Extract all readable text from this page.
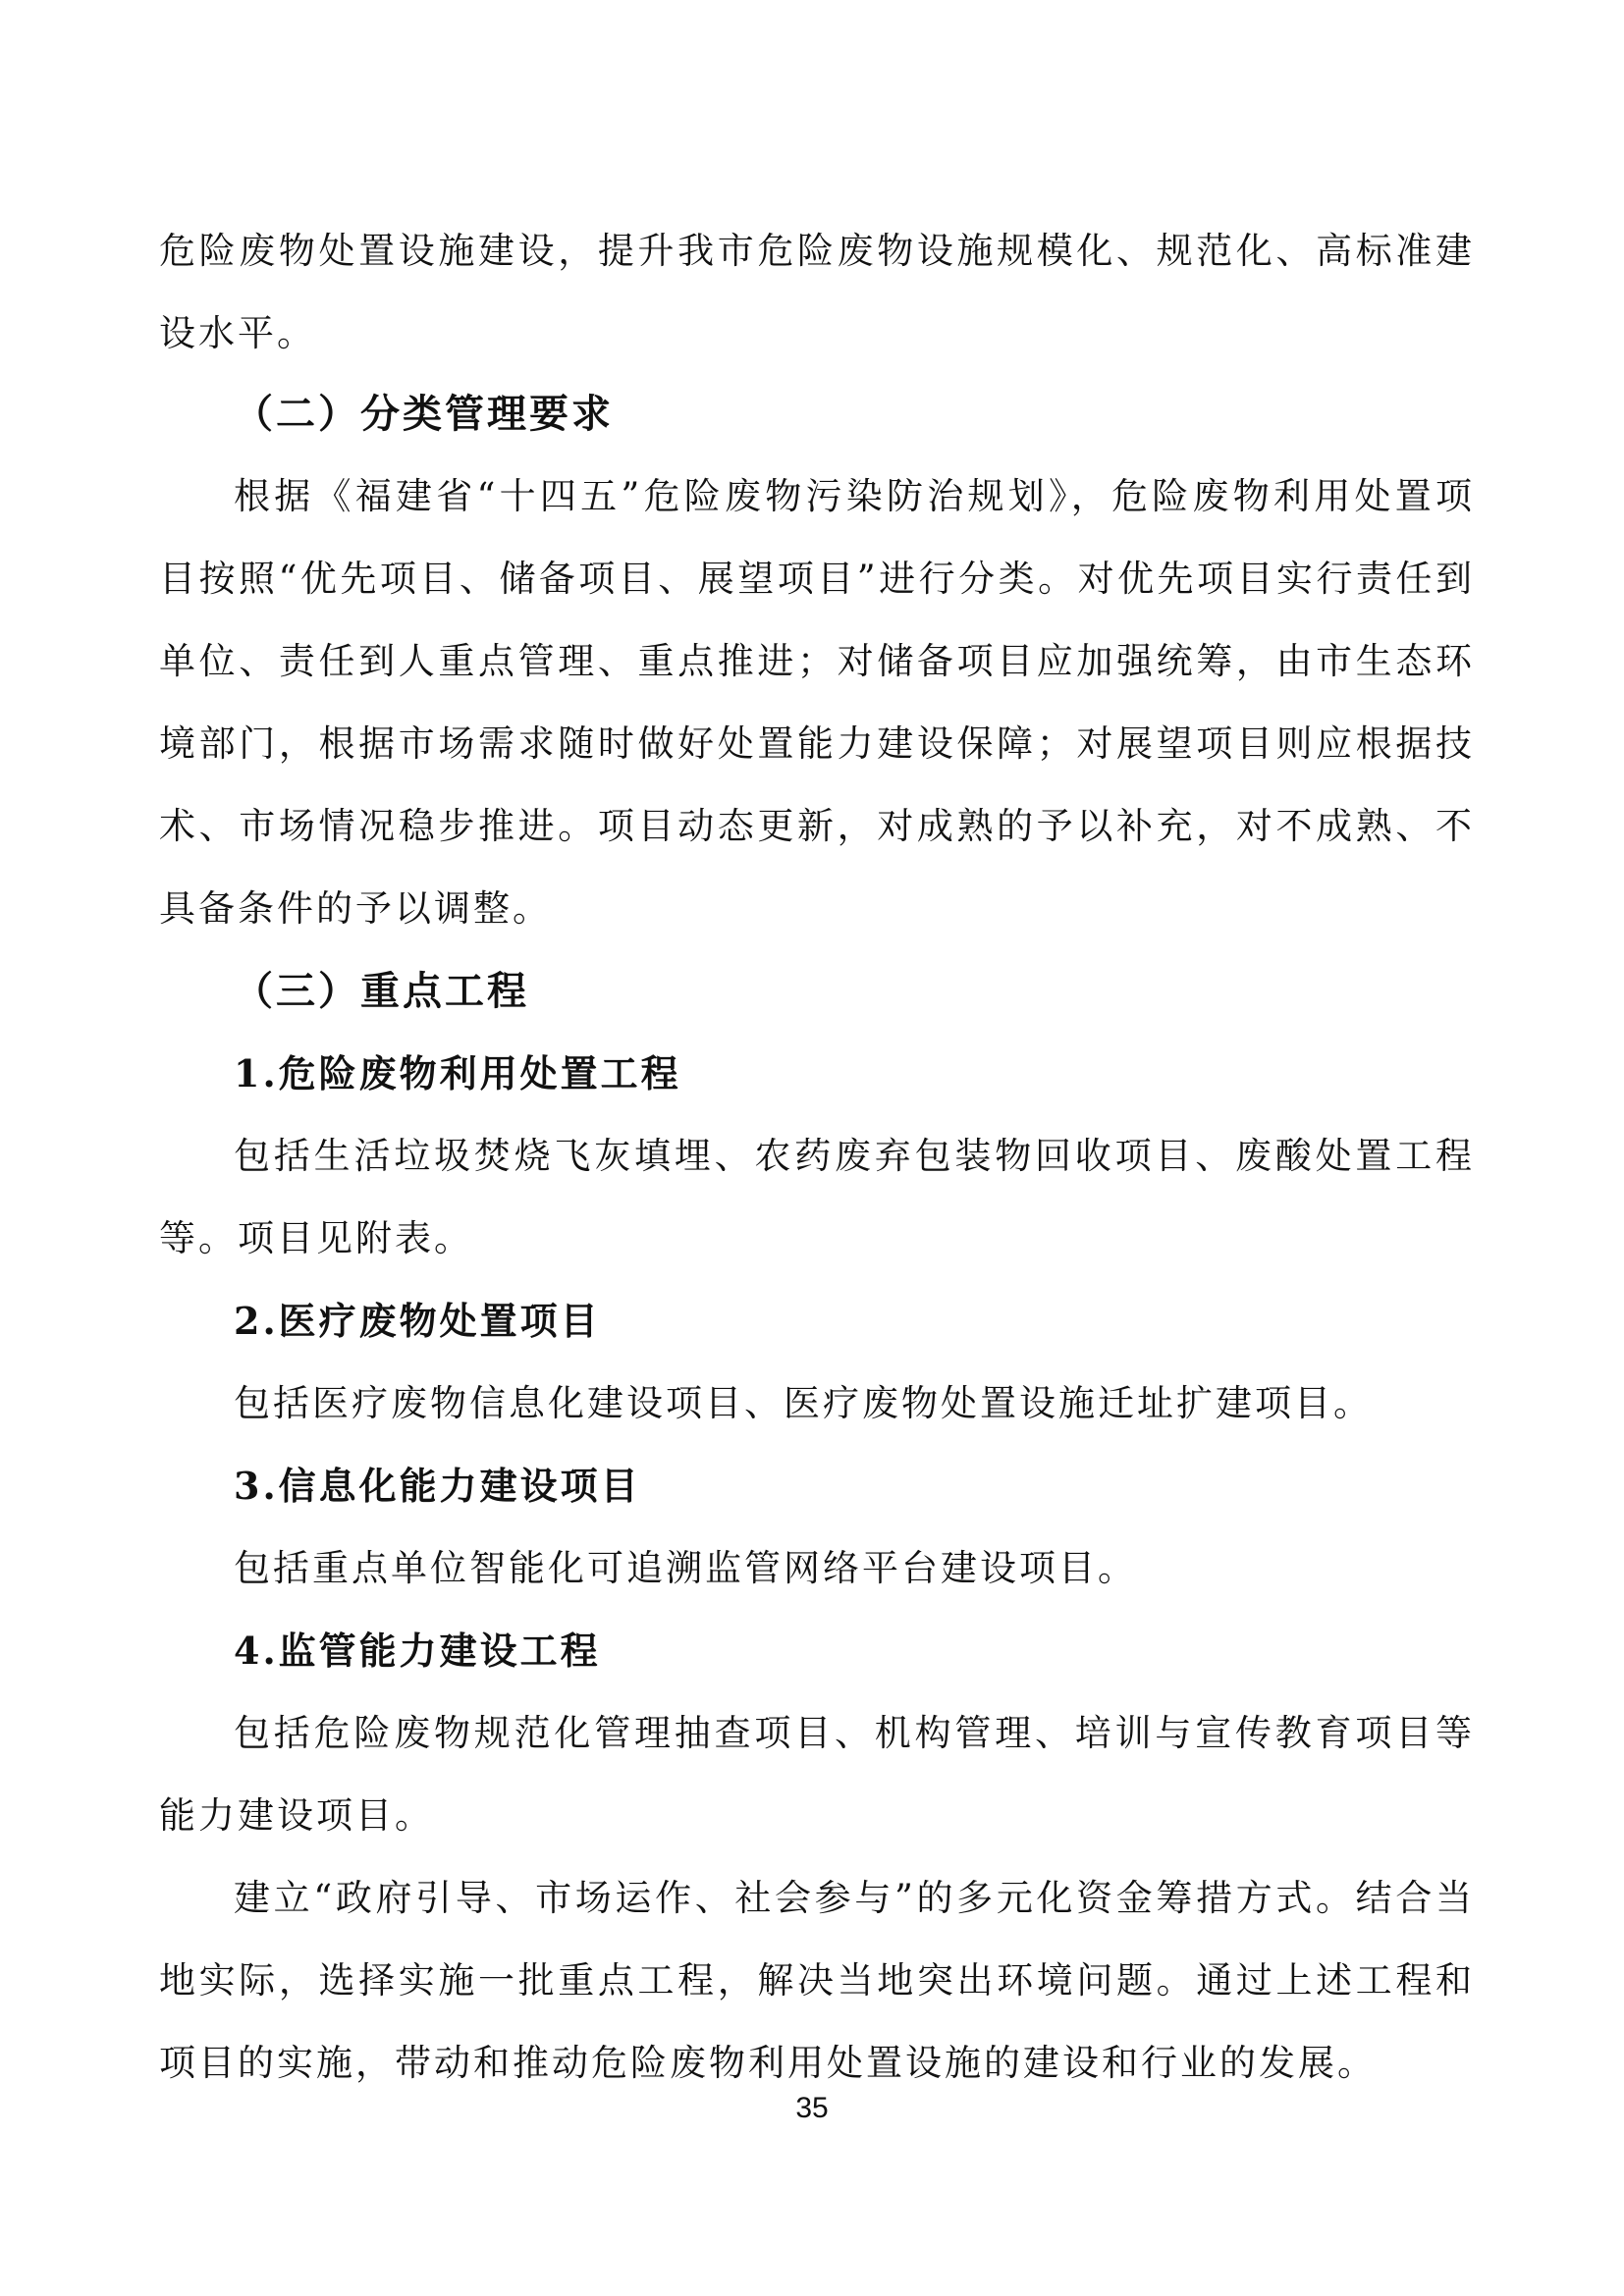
危险废物处置设施建设，提升我市危险废物设施规模化、规范化、高标准建设水平。

（二）分类管理要求

根据《福建省“十四五”危险废物污染防治规划》，危险废物利用处置项目按照“优先项目、储备项目、展望项目”进行分类。对优先项目实行责任到单位、责任到人重点管理、重点推进；对储备项目应加强统筹，由市生态环境部门，根据市场需求随时做好处置能力建设保障；对展望项目则应根据技术、市场情况稳步推进。项目动态更新，对成熟的予以补充，对不成熟、不具备条件的予以调整。

（三）重点工程
1.危险废物利用处置工程

包括生活垃圾焚烧飞灰填埋、农药废弃包装物回收项目、废酸处置工程等。项目见附表。

2.医疗废物处置项目

包括医疗废物信息化建设项目、医疗废物处置设施迁址扩建项目。

3.信息化能力建设项目

包括重点单位智能化可追溯监管网络平台建设项目。

4.监管能力建设工程

包括危险废物规范化管理抽查项目、机构管理、培训与宣传教育项目等能力建设项目。

建立“政府引导、市场运作、社会参与”的多元化资金筹措方式。结合当地实际，选择实施一批重点工程，解决当地突出环境问题。通过上述工程和项目的实施，带动和推动危险废物利用处置设施的建设和行业的发展。

35
